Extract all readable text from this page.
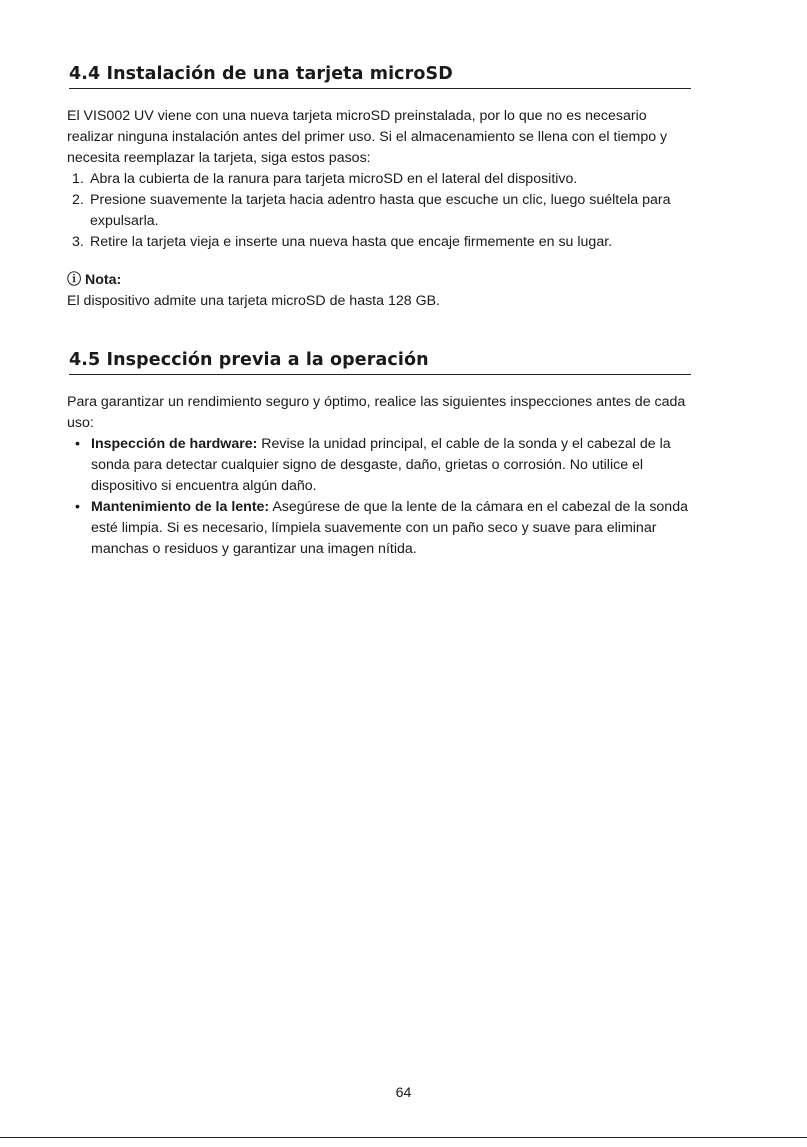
4.4 Instalación de una tarjeta microSD

El VIS002 UV viene con una nueva tarjeta microSD preinstalada, por lo que no es necesario realizar ninguna instalación antes del primer uso. Si el almacenamiento se llena con el tiempo y necesita reemplazar la tarjeta, siga estos pasos:

1. Abra la cubierta de la ranura para tarjeta microSD en el lateral del dispositivo.
2. Presione suavemente la tarjeta hacia adentro hasta que escuche un clic, luego suéltela para expulsarla.
3. Retire la tarjeta vieja e inserte una nueva hasta que encaje firmemente en su lugar.
ⓘ Nota:
El dispositivo admite una tarjeta microSD de hasta 128 GB.
4.5 Inspección previa a la operación

Para garantizar un rendimiento seguro y óptimo, realice las siguientes inspecciones antes de cada uso:

• Inspección de hardware: Revise la unidad principal, el cable de la sonda y el cabezal de la sonda para detectar cualquier signo de desgaste, daño, grietas o corrosión. No utilice el dispositivo si encuentra algún daño.
• Mantenimiento de la lente: Asegúrese de que la lente de la cámara en el cabezal de la sonda esté limpia. Si es necesario, límpiela suavemente con un paño seco y suave para eliminar manchas o residuos y garantizar una imagen nítida.
64
